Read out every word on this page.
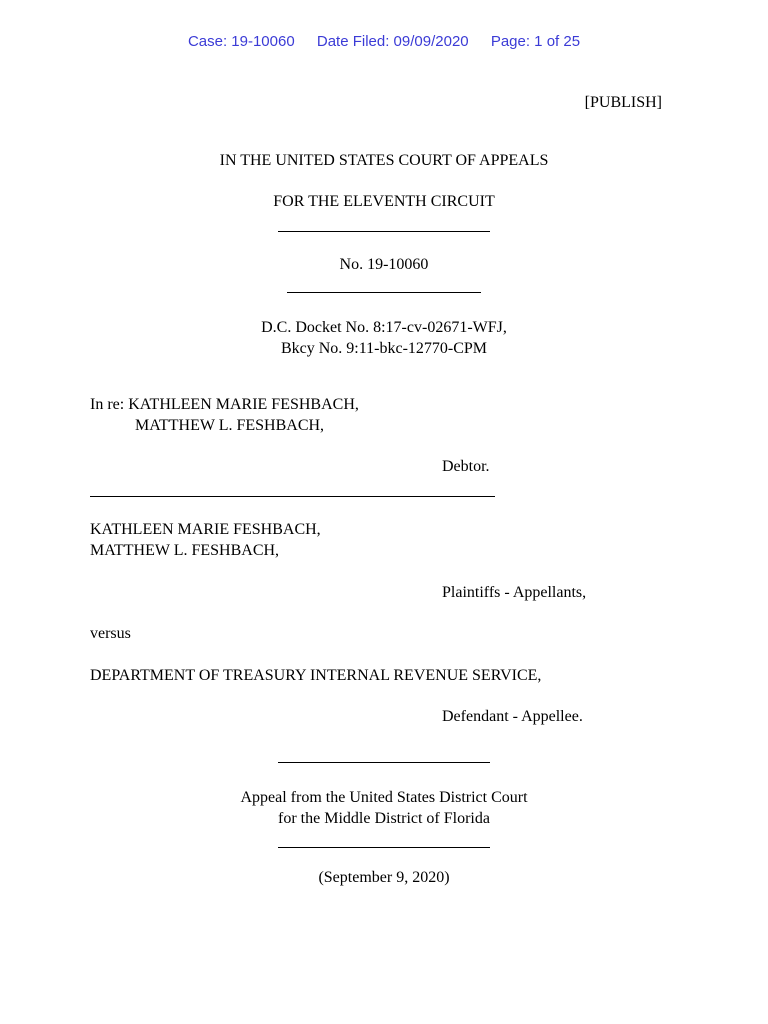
Case: 19-10060 Date Filed: 09/09/2020 Page: 1 of 25
[PUBLISH]
IN THE UNITED STATES COURT OF APPEALS
FOR THE ELEVENTH CIRCUIT
No. 19-10060
D.C. Docket No. 8:17-cv-02671-WFJ,
Bkcy No. 9:11-bkc-12770-CPM
In re: KATHLEEN MARIE FESHBACH,
MATTHEW L. FESHBACH,
Debtor.
KATHLEEN MARIE FESHBACH,
MATTHEW L. FESHBACH,
Plaintiffs - Appellants,
versus
DEPARTMENT OF TREASURY INTERNAL REVENUE SERVICE,
Defendant - Appellee.
Appeal from the United States District Court
for the Middle District of Florida
(September 9, 2020)
